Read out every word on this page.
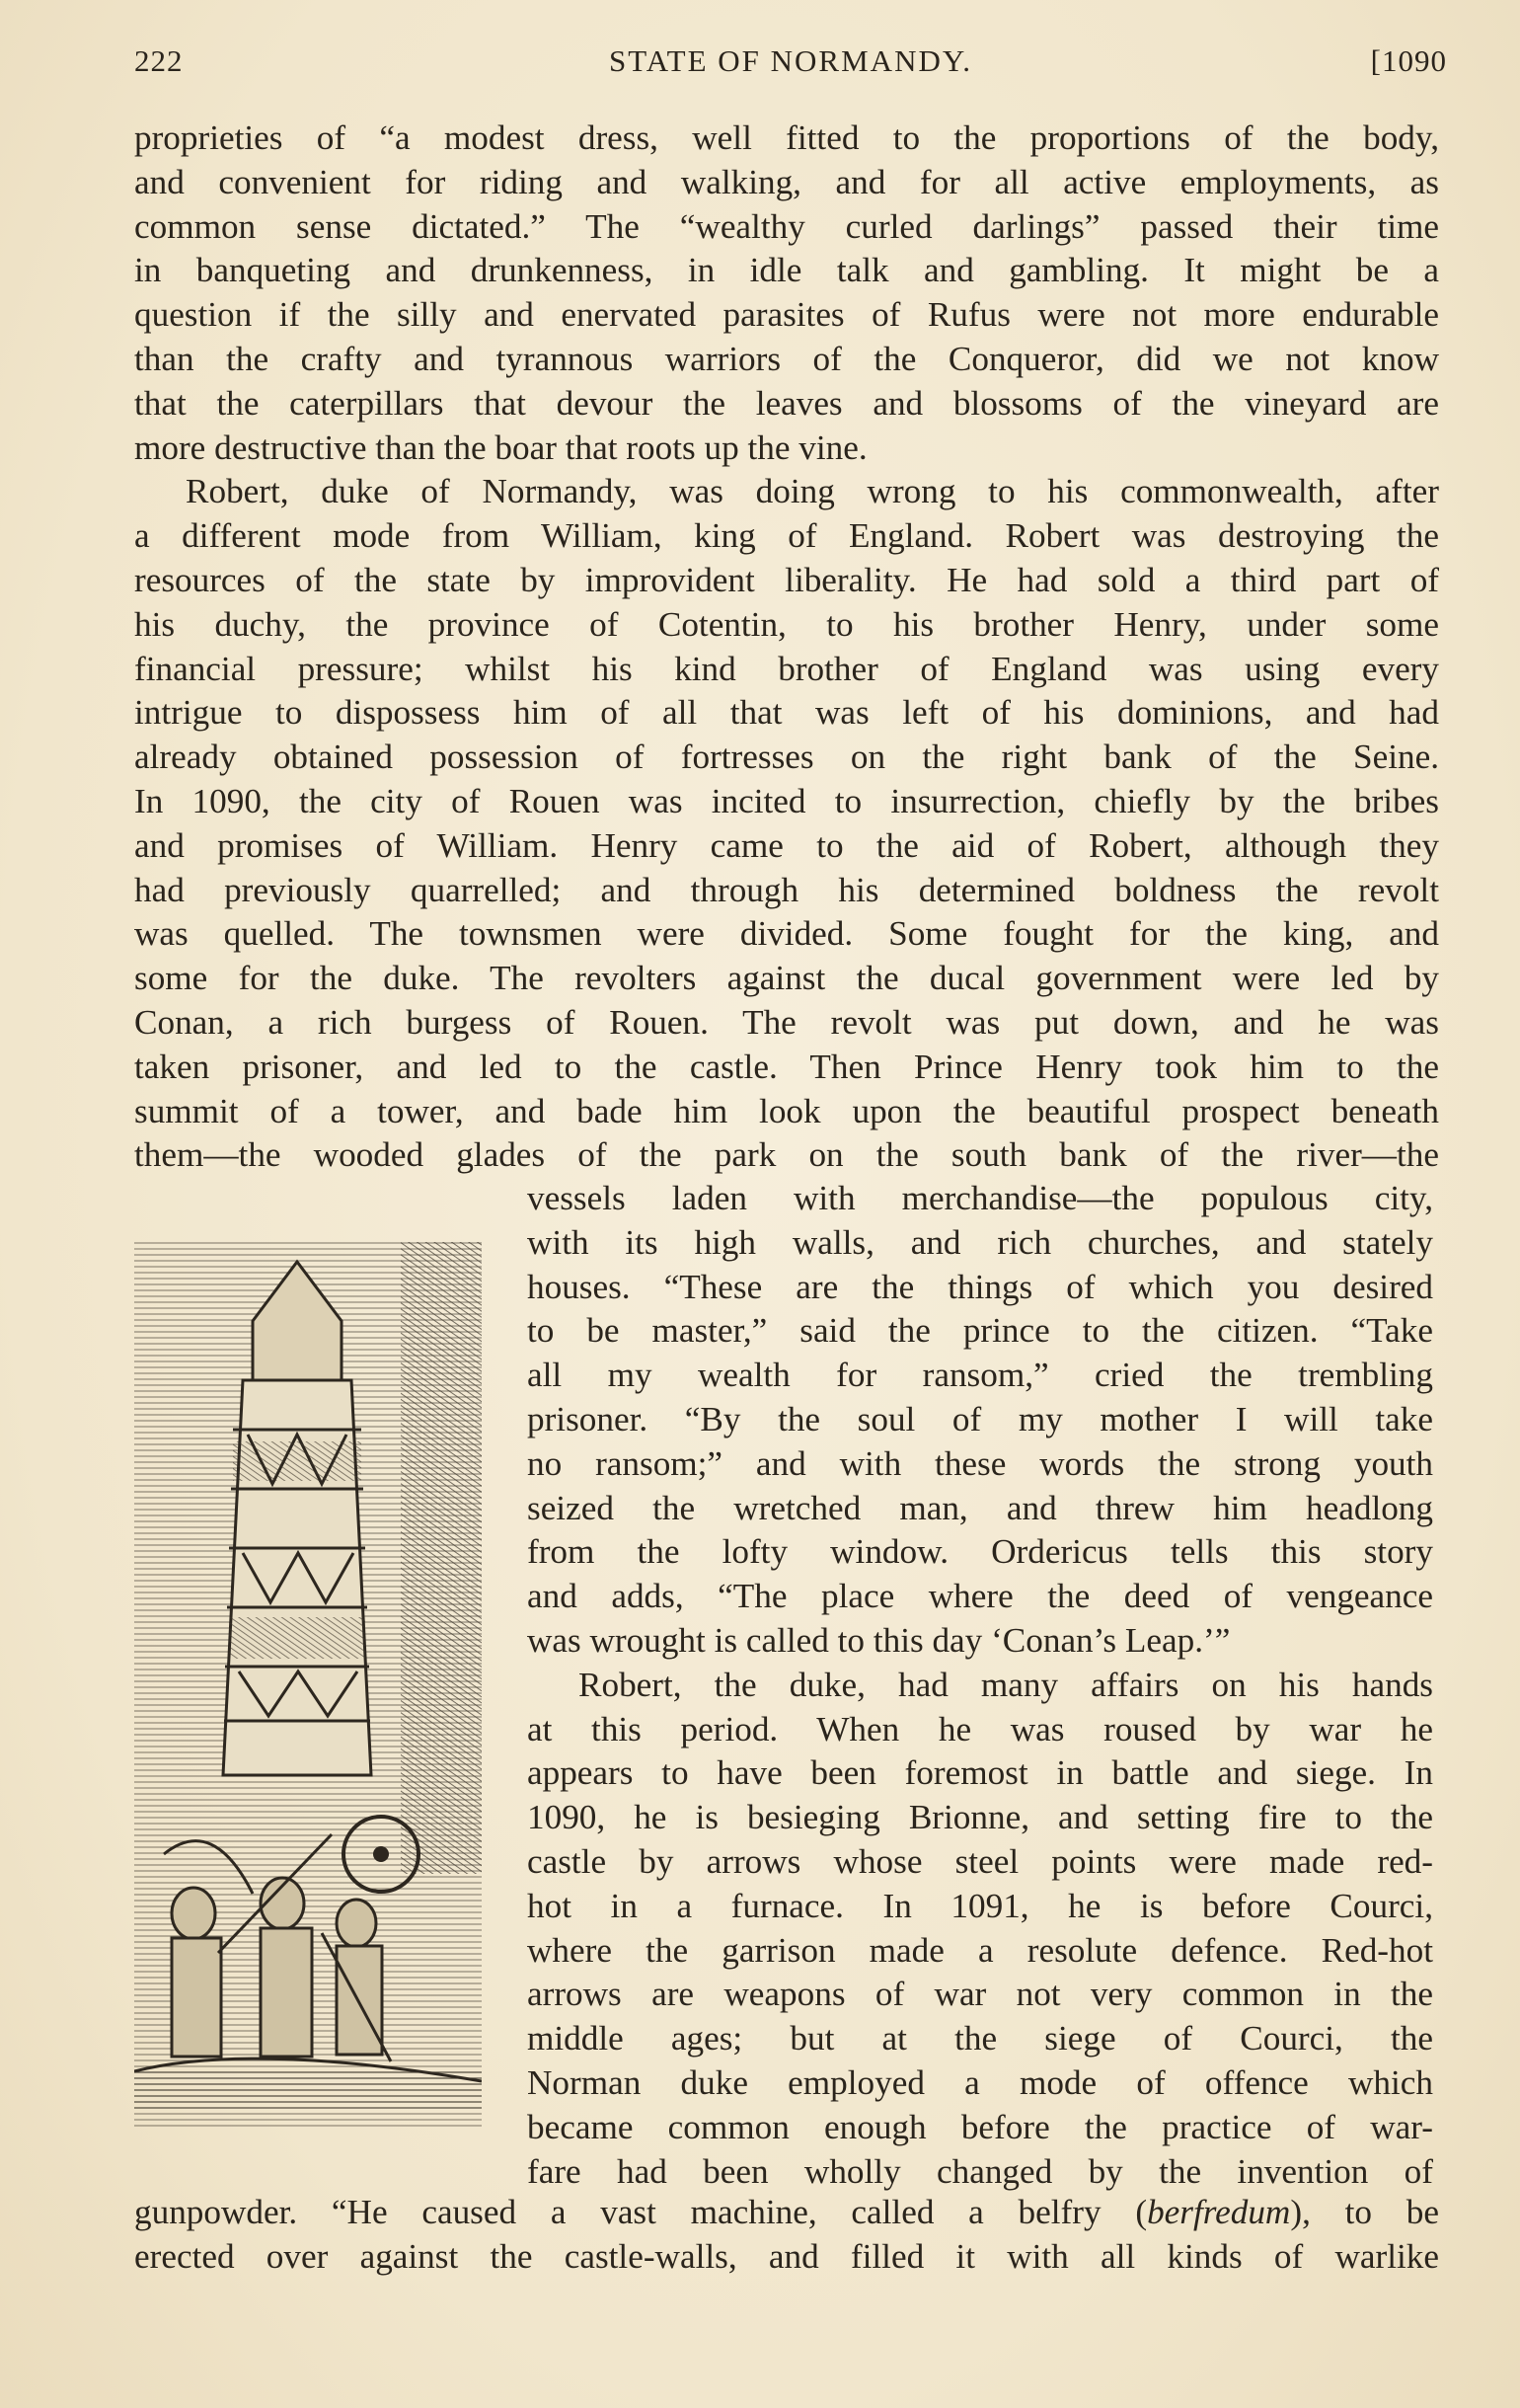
222	STATE OF NORMANDY.	[1090
proprieties of “a modest dress, well fitted to the proportions of the body,
and convenient for riding and walking, and for all active employments, as
common sense dictated.” The “wealthy curled darlings” passed their time
in banqueting and drunkenness, in idle talk and gambling. It might be a
question if the silly and enervated parasites of Rufus were not more endurable
than the crafty and tyrannous warriors of the Conqueror, did we not know
that the caterpillars that devour the leaves and blossoms of the vineyard are
more destructive than the boar that roots up the vine.
Robert, duke of Normandy, was doing wrong to his commonwealth, after
a different mode from William, king of England. Robert was destroying the
resources of the state by improvident liberality. He had sold a third part of
his duchy, the province of Cotentin, to his brother Henry, under some
financial pressure; whilst his kind brother of England was using every
intrigue to dispossess him of all that was left of his dominions, and had
already obtained possession of fortresses on the right bank of the Seine.
In 1090, the city of Rouen was incited to insurrection, chiefly by the bribes
and promises of William. Henry came to the aid of Robert, although they
had previously quarrelled; and through his determined boldness the revolt
was quelled. The townsmen were divided. Some fought for the king, and
some for the duke. The revolters against the ducal government were led by
Conan, a rich burgess of Rouen. The revolt was put down, and he was
taken prisoner, and led to the castle. Then Prince Henry took him to the
summit of a tower, and bade him look upon the beautiful prospect beneath
them—the wooded glades of the park on the south bank of the river—the
vessels laden with merchandise—the populous city,
with its high walls, and rich churches, and stately
houses. “These are the things of which you desired
to be master,” said the prince to the citizen. “Take
all my wealth for ransom,” cried the trembling
prisoner. “By the soul of my mother I will take
no ransom;” and with these words the strong youth
seized the wretched man, and threw him headlong
from the lofty window. Ordericus tells this story
and adds, “The place where the deed of vengeance
was wrought is called to this day ‘Conan’s Leap.’”
Robert, the duke, had many affairs on his hands
at this period. When he was roused by war he
appears to have been foremost in battle and siege. In
1090, he is besieging Brionne, and setting fire to the
castle by arrows whose steel points were made red-
hot in a furnace. In 1091, he is before Courci,
where the garrison made a resolute defence. Red-hot
arrows are weapons of war not very common in the
middle ages; but at the siege of Courci, the
Norman duke employed a mode of offence which
became common enough before the practice of war-
fare had been wholly changed by the invention of
gunpowder. “He caused a vast machine, called a belfry (berfredum), to be
erected over against the castle-walls, and filled it with all kinds of warlike
